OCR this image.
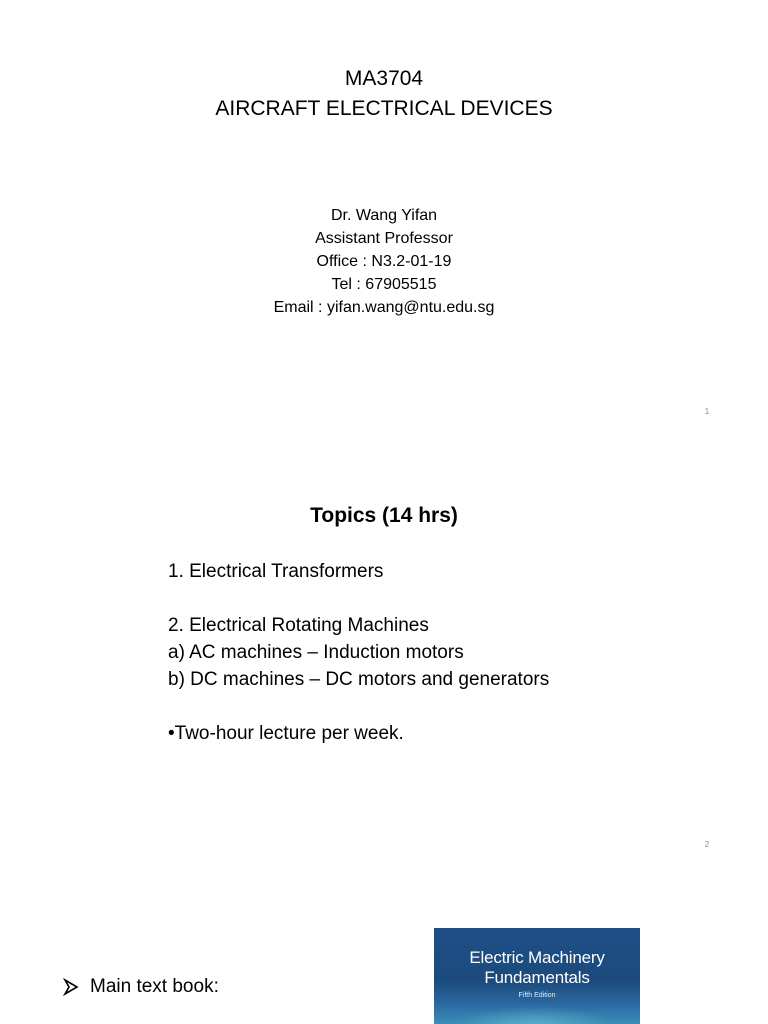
MA3704
AIRCRAFT ELECTRICAL DEVICES
Dr. Wang Yifan
Assistant Professor
Office : N3.2-01-19
Tel : 67905515
Email : yifan.wang@ntu.edu.sg
1
Topics (14 hrs)
1. Electrical Transformers
2. Electrical Rotating Machines
a) AC machines – Induction motors
b) DC machines – DC motors and generators
•Two-hour lecture per week.
2
Main text book:
Electric Machinery
Fundamentals
Fifth Edition
